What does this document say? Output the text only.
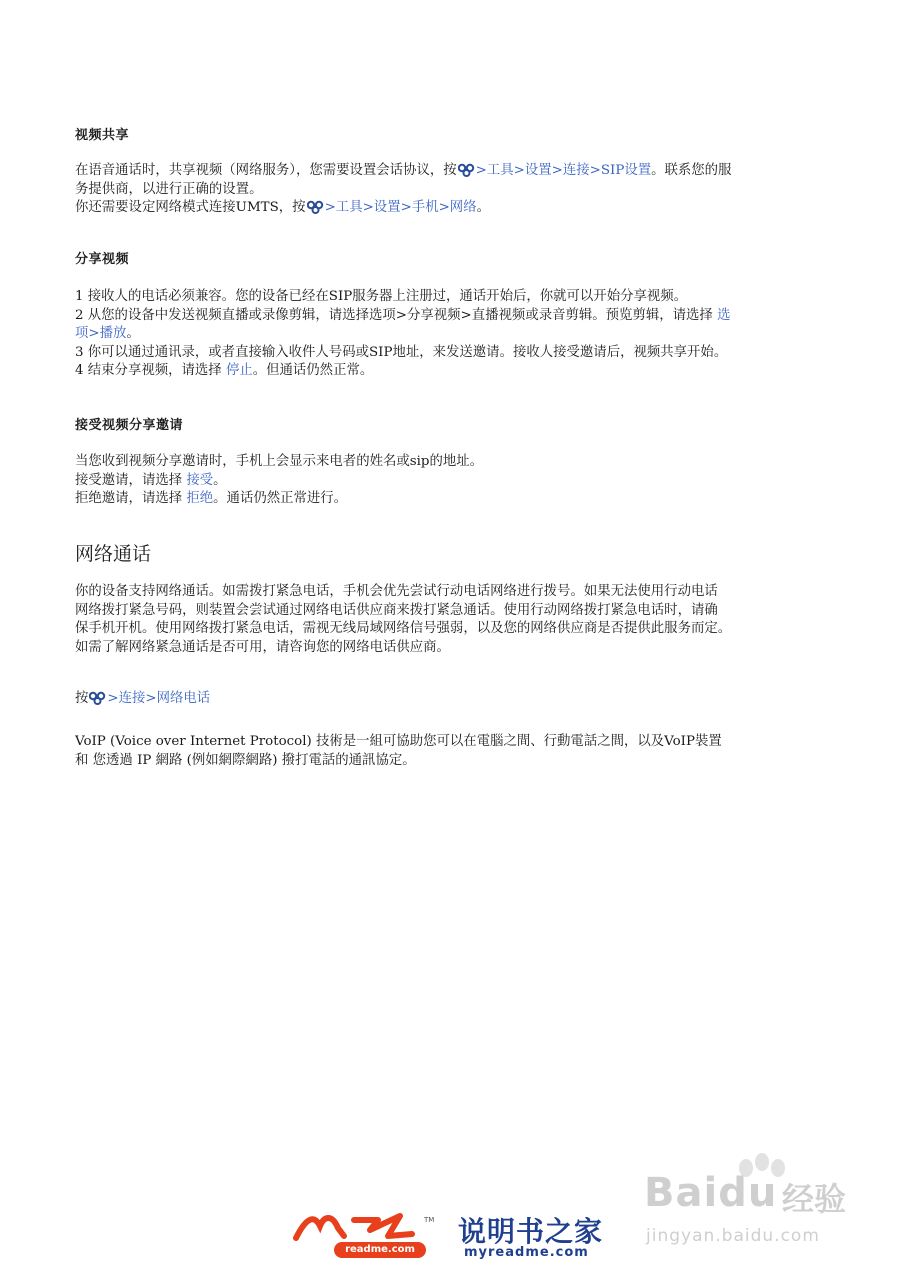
视频共享
在语音通话时，共享视频（网络服务），您需要设置会话协议，按 >工具>设置>连接>SIP设置。联系您的服
务提供商，以进行正确的设置。
你还需要设定网络模式连接UMTS，按 >工具>设置>手机>网络。
分享视频
1 接收人的电话必须兼容。您的设备已经在SIP服务器上注册过，通话开始后，你就可以开始分享视频。
2 从您的设备中发送视频直播或录像剪辑，请选择选项>分享视频>直播视频或录音剪辑。预览剪辑，请选择 选
项>播放。
3 你可以通过通讯录，或者直接输入收件人号码或SIP地址，来发送邀请。接收人接受邀请后，视频共享开始。
4 结束分享视频，请选择 停止。但通话仍然正常。
接受视频分享邀请
当您收到视频分享邀请时，手机上会显示来电者的姓名或sip的地址。
接受邀请，请选择 接受。
拒绝邀请，请选择 拒绝。通话仍然正常进行。
网络通话
你的设备支持网络通话。如需拨打紧急电话，手机会优先尝试行动电话网络进行拨号。如果无法使用行动电话
网络拨打紧急号码，则装置会尝试通过网络电话供应商来拨打紧急通话。使用行动网络拨打紧急电话时，请确
保手机开机。使用网络拨打紧急电话，需视无线局域网络信号强弱，以及您的网络供应商是否提供此服务而定。
如需了解网络紧急通话是否可用，请咨询您的网络电话供应商。
按 >连接>网络电话
VoIP (Voice over Internet Protocol) 技術是一組可協助您可以在電腦之間、行動電話之間，以及VoIP裝置
和 您透過 IP 網路 (例如網際網路) 撥打電話的通訊協定。
Baidu 经验
jingyan.baidu.com
TM
readme.com
说明书之家
myreadme.com
